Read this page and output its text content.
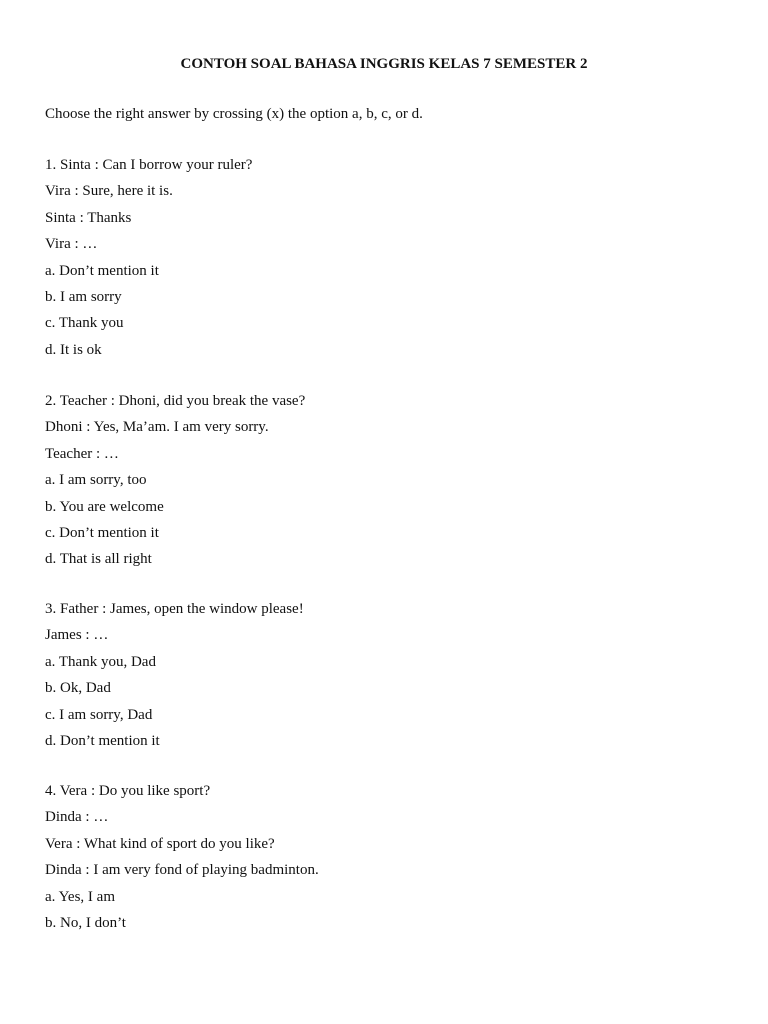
CONTOH SOAL BAHASA INGGRIS KELAS 7 SEMESTER 2
Choose the right answer by crossing (x) the option a, b, c, or d.
1. Sinta : Can I borrow your ruler?
Vira : Sure, here it is.
Sinta : Thanks
Vira : …
a. Don’t mention it
b. I am sorry
c. Thank you
d. It is ok
2. Teacher : Dhoni, did you break the vase?
Dhoni : Yes, Ma’am. I am very sorry.
Teacher : …
a. I am sorry, too
b. You are welcome
c. Don’t mention it
d. That is all right
3. Father : James, open the window please!
James : …
a. Thank you, Dad
b. Ok, Dad
c. I am sorry, Dad
d. Don’t mention it
4. Vera : Do you like sport?
Dinda : …
Vera : What kind of sport do you like?
Dinda : I am very fond of playing badminton.
a. Yes, I am
b. No, I don’t
